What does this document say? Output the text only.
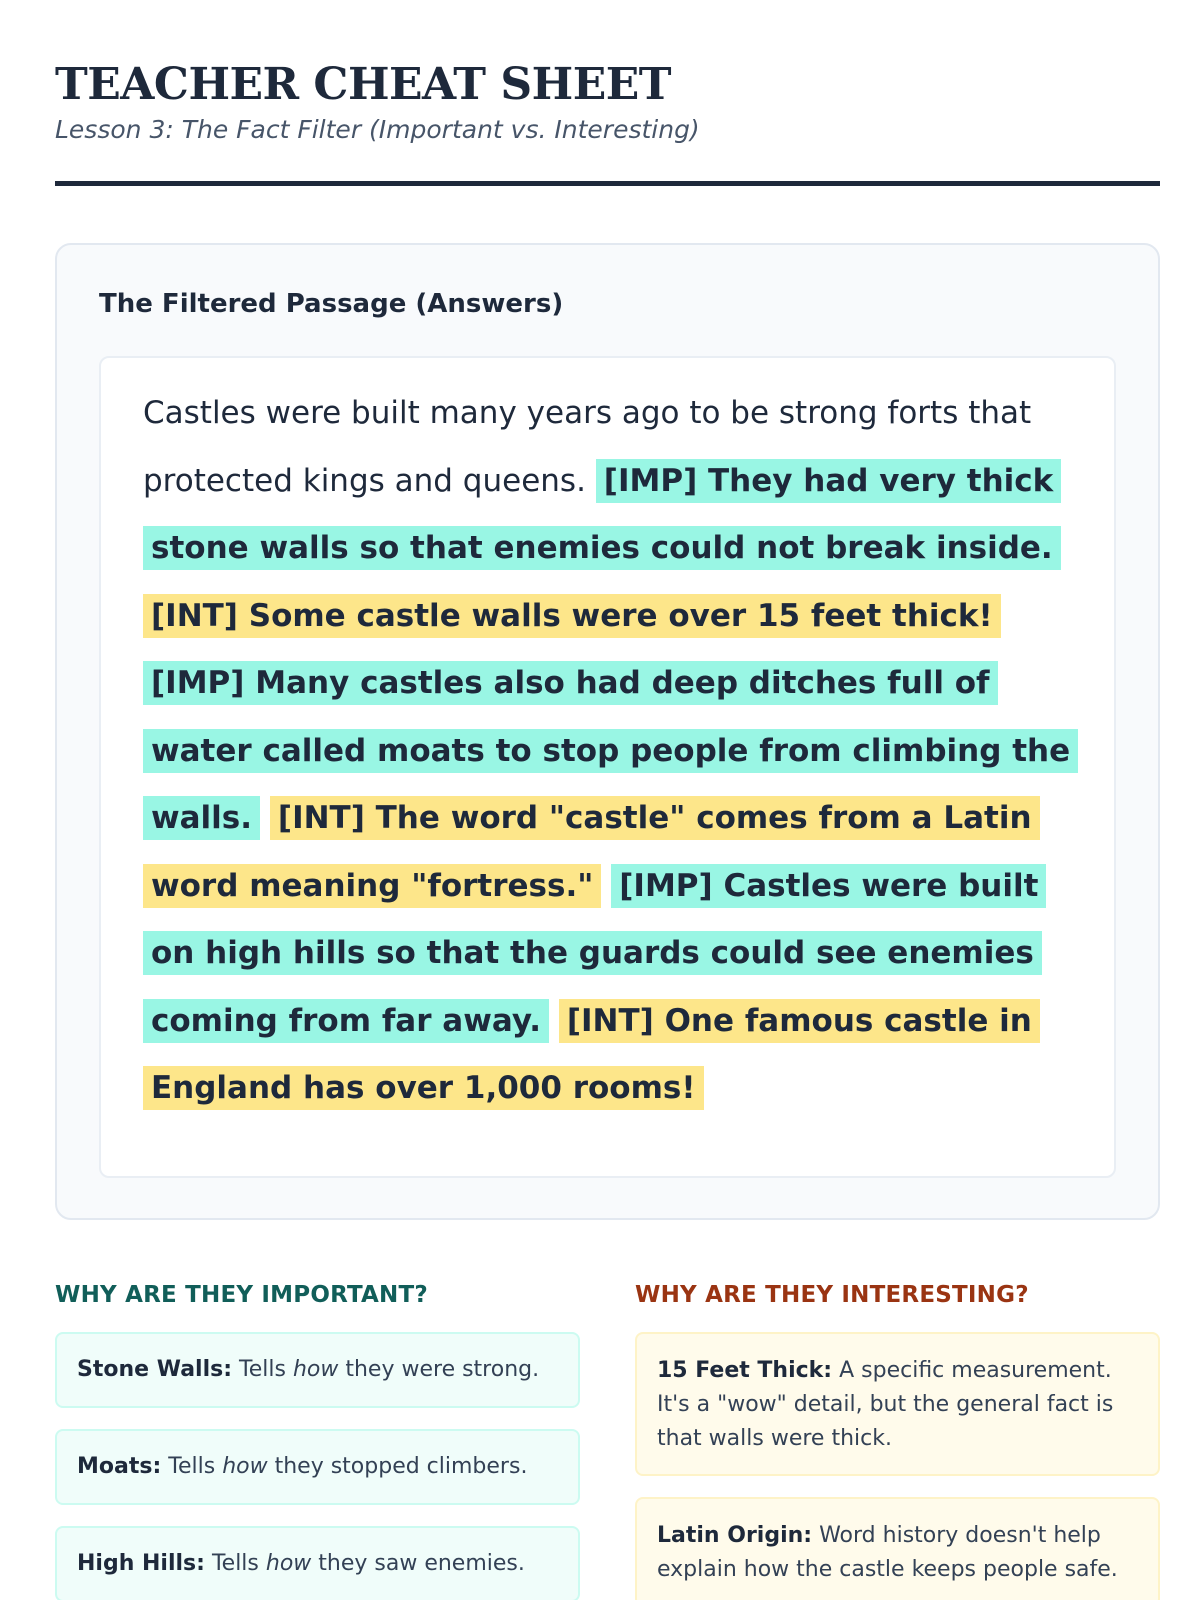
TEACHER CHEAT SHEET
Lesson 3: The Fact Filter (Important vs. Interesting)
The Filtered Passage (Answers)

Castles were built many years ago to be strong forts that protected kings and queens. [IMP] They had very thick stone walls so that enemies could not break inside. [INT] Some castle walls were over 15 feet thick! [IMP] Many castles also had deep ditches full of water called moats to stop people from climbing the walls. [INT] The word "castle" comes from a Latin word meaning "fortress." [IMP] Castles were built on high hills so that the guards could see enemies coming from far away. [INT] One famous castle in England has over 1,000 rooms!

WHY ARE THEY IMPORTANT?
Stone Walls: Tells how they were strong.
Moats: Tells how they stopped climbers.
High Hills: Tells how they saw enemies.
WHY ARE THEY INTERESTING?
15 Feet Thick: A specific measurement. It's a "wow" detail, but the general fact is that walls were thick.
Latin Origin: Word history doesn't help explain how the castle keeps people safe.
